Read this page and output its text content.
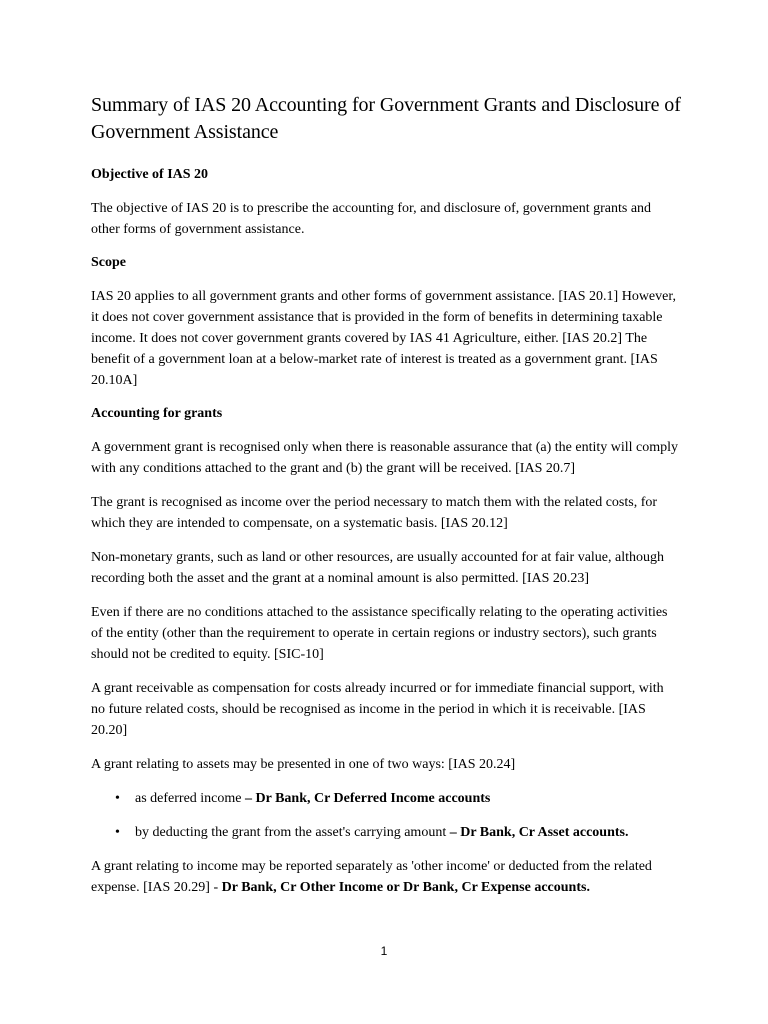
Summary of IAS 20 Accounting for Government Grants and Disclosure of Government Assistance
Objective of IAS 20

The objective of IAS 20 is to prescribe the accounting for, and disclosure of, government grants and other forms of government assistance.

Scope

IAS 20 applies to all government grants and other forms of government assistance. [IAS 20.1] However, it does not cover government assistance that is provided in the form of benefits in determining taxable income. It does not cover government grants covered by IAS 41 Agriculture, either. [IAS 20.2] The benefit of a government loan at a below-market rate of interest is treated as a government grant. [IAS 20.10A]

Accounting for grants

A government grant is recognised only when there is reasonable assurance that (a) the entity will comply with any conditions attached to the grant and (b) the grant will be received. [IAS 20.7]

The grant is recognised as income over the period necessary to match them with the related costs, for which they are intended to compensate, on a systematic basis. [IAS 20.12]

Non-monetary grants, such as land or other resources, are usually accounted for at fair value, although recording both the asset and the grant at a nominal amount is also permitted. [IAS 20.23]

Even if there are no conditions attached to the assistance specifically relating to the operating activities of the entity (other than the requirement to operate in certain regions or industry sectors), such grants should not be credited to equity. [SIC-10]

A grant receivable as compensation for costs already incurred or for immediate financial support, with no future related costs, should be recognised as income in the period in which it is receivable. [IAS 20.20]

A grant relating to assets may be presented in one of two ways: [IAS 20.24]

• as deferred income – Dr Bank, Cr Deferred Income accounts
• by deducting the grant from the asset's carrying amount – Dr Bank, Cr Asset accounts.

A grant relating to income may be reported separately as 'other income' or deducted from the related expense. [IAS 20.29] - Dr Bank, Cr Other Income or Dr Bank, Cr Expense accounts.

1
